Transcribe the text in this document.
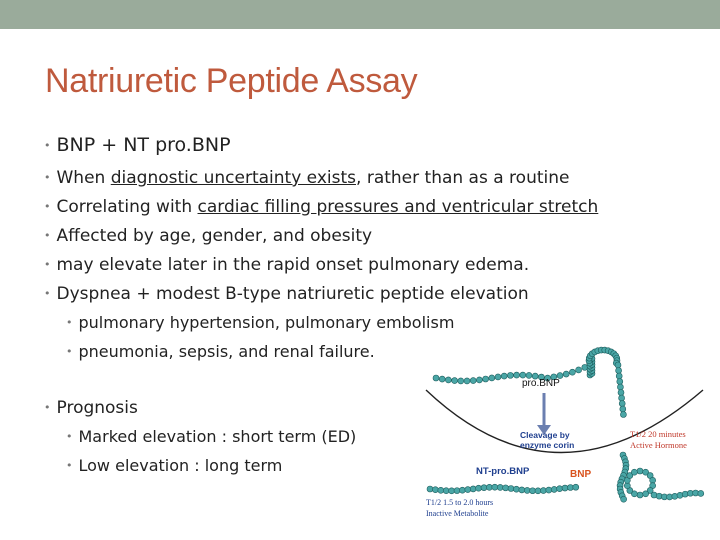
Natriuretic Peptide Assay
• BNP + NT pro.BNP
• When diagnostic uncertainty exists, rather than as a routine
• Correlating with cardiac filling pressures and ventricular stretch
• Affected by age, gender, and obesity
• may elevate later in the rapid onset pulmonary edema.
• Dyspnea + modest B-type natriuretic peptide elevation
• pulmonary hypertension, pulmonary embolism
• pneumonia, sepsis, and renal failure.
• Prognosis
• Marked elevation : short term (ED)
• Low elevation : long term
pro.BNP
Cleavage by
enzyme corin
NT-pro.BNP	BNP
T1/2 20 minutes
Active Hormone
T1/2 1.5 to 2.0 hours
Inactive Metabolite
